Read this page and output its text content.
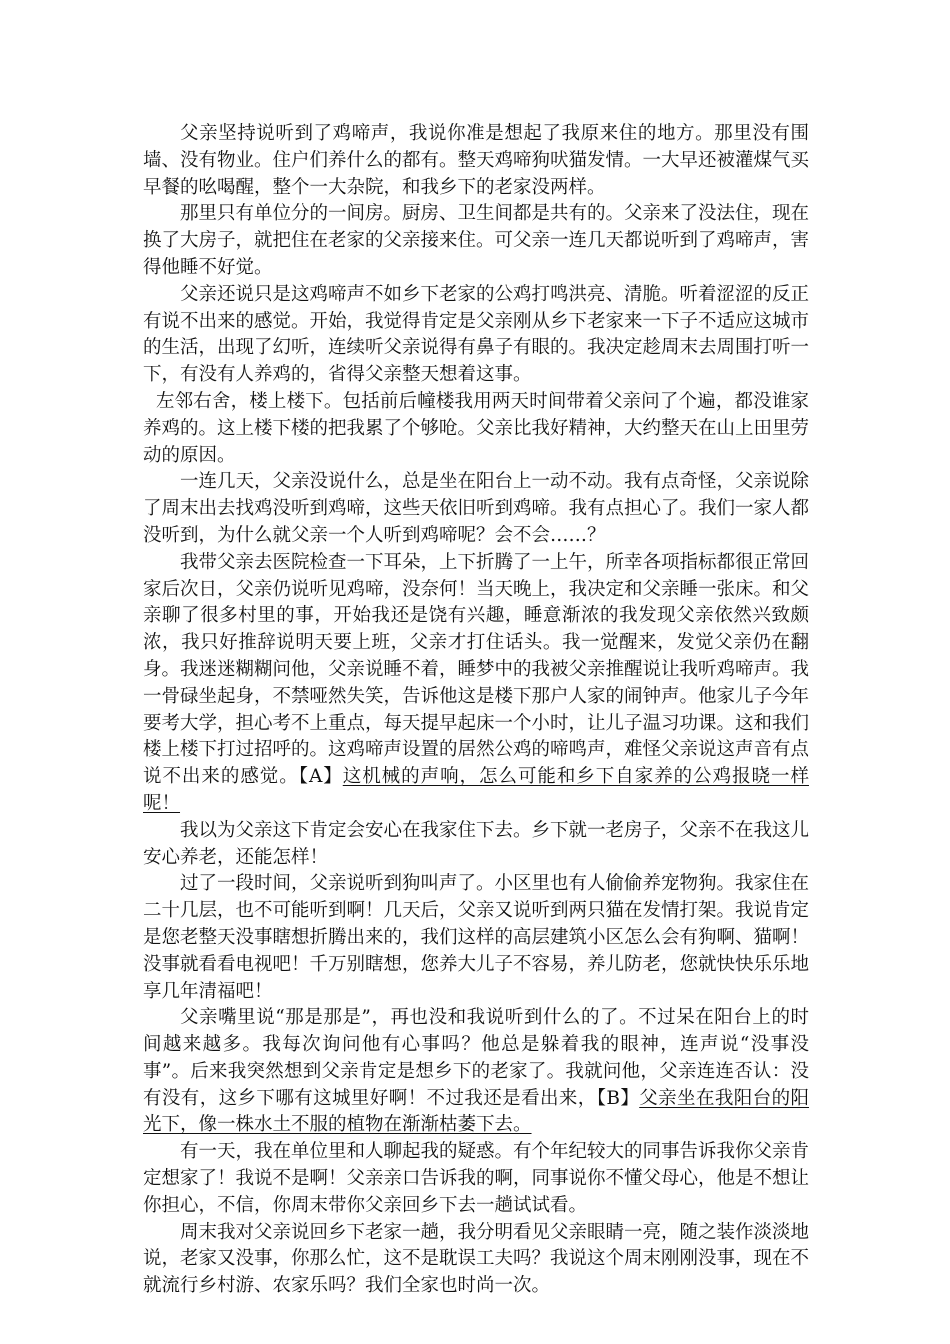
父亲坚持说听到了鸡啼声，我说你准是想起了我原来住的地方。那里没有围墙、没有物业。住户们养什么的都有。整天鸡啼狗吠猫发情。一大早还被灌煤气买早餐的吆喝醒，整个一大杂院，和我乡下的老家没两样。

那里只有单位分的一间房。厨房、卫生间都是共有的。父亲来了没法住，现在换了大房子，就把住在老家的父亲接来住。可父亲一连几天都说听到了鸡啼声，害得他睡不好觉。

父亲还说只是这鸡啼声不如乡下老家的公鸡打鸣洪亮、清脆。听着涩涩的反正有说不出来的感觉。开始，我觉得肯定是父亲刚从乡下老家来一下子不适应这城市的生活，出现了幻听，连续听父亲说得有鼻子有眼的。我决定趁周末去周围打听一下，有没有人养鸡的，省得父亲整天想着这事。

左邻右舍，楼上楼下。包括前后幢楼我用两天时间带着父亲问了个遍，都没谁家养鸡的。这上楼下楼的把我累了个够呛。父亲比我好精神，大约整天在山上田里劳动的原因。

一连几天，父亲没说什么，总是坐在阳台上一动不动。我有点奇怪，父亲说除了周末出去找鸡没听到鸡啼，这些天依旧听到鸡啼。我有点担心了。我们一家人都没听到，为什么就父亲一个人听到鸡啼呢？会不会……？

我带父亲去医院检查一下耳朵，上下折腾了一上午，所幸各项指标都很正常回家后次日，父亲仍说听见鸡啼，没奈何！当天晚上，我决定和父亲睡一张床。和父亲聊了很多村里的事，开始我还是饶有兴趣，睡意渐浓的我发现父亲依然兴致颇浓，我只好推辞说明天要上班，父亲才打住话头。我一觉醒来，发觉父亲仍在翻身。我迷迷糊糊问他，父亲说睡不着，睡梦中的我被父亲推醒说让我听鸡啼声。我一骨碌坐起身，不禁哑然失笑，告诉他这是楼下那户人家的闹钟声。他家儿子今年要考大学，担心考不上重点，每天提早起床一个小时，让儿子温习功课。这和我们楼上楼下打过招呼的。这鸡啼声设置的居然公鸡的啼鸣声，难怪父亲说这声音有点说不出来的感觉。【A】这机械的声响，怎么可能和乡下自家养的公鸡报晓一样呢！

我以为父亲这下肯定会安心在我家住下去。乡下就一老房子，父亲不在我这儿安心养老，还能怎样！

过了一段时间，父亲说听到狗叫声了。小区里也有人偷偷养宠物狗。我家住在二十几层，也不可能听到啊！几天后，父亲又说听到两只猫在发情打架。我说肯定是您老整天没事瞎想折腾出来的，我们这样的高层建筑小区怎么会有狗啊、猫啊！没事就看看电视吧！千万别瞎想，您养大儿子不容易，养儿防老，您就快快乐乐地享几年清福吧！

父亲嘴里说“那是那是”，再也没和我说听到什么的了。不过呆在阳台上的时间越来越多。我每次询问他有心事吗？他总是躲着我的眼神，连声说“没事没事”。后来我突然想到父亲肯定是想乡下的老家了。我就问他，父亲连连否认：没有没有，这乡下哪有这城里好啊！不过我还是看出来，【B】父亲坐在我阳台的阳光下，像一株水土不服的植物在渐渐枯萎下去。

有一天，我在单位里和人聊起我的疑惑。有个年纪较大的同事告诉我你父亲肯定想家了！我说不是啊！父亲亲口告诉我的啊，同事说你不懂父母心，他是不想让你担心，不信，你周末带你父亲回乡下去一趟试试看。

周末我对父亲说回乡下老家一趟，我分明看见父亲眼睛一亮，随之装作淡淡地说，老家又没事，你那么忙，这不是耽误工夫吗？我说这个周末刚刚没事，现在不就流行乡村游、农家乐吗？我们全家也时尚一次。
